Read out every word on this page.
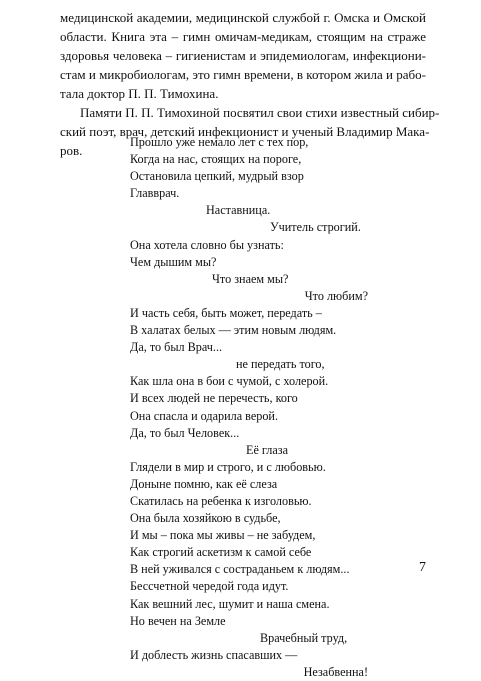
медицинской академии, медицинской службой г. Омска и Омской
области. Книга эта – гимн омичам-медикам, стоящим на страже
здоровья человека – гигиенистам и эпидемиологам, инфекциони-
стам и микробиологам, это гимн времени, в котором жила и рабо-
тала доктор П. П. Тимохина.

Памяти П. П. Тимохиной посвятил свои стихи известный сибир-
ский поэт, врач, детский инфекционист и ученый Владимир Мака-
ров.

Прошло уже немало лет с тех пор,
Когда на нас, стоящих на пороге,
Остановила цепкий, мудрый взор
Главврач.
Наставница.
Учитель строгий.
Она хотела словно бы узнать:
Чем дышим мы?
Что знаем мы?
Что любим?
И часть себя, быть может, передать –
В халатах белых — этим новым людям.
Да, то был Врач...
не передать того,
Как шла она в бои с чумой, с холерой.
И всех людей не перечесть, кого
Она спасла и одарила верой.
Да, то был Человек...
Её глаза
Глядели в мир и строго, и с любовью.
Доныне помню, как её слеза
Скатилась на ребенка к изголовью.
Она была хозяйкою в судьбе,
И мы – пока мы живы – не забудем,
Как строгий аскетизм к самой себе
В ней уживался с состраданьем к людям...
Бессчетной чередой года идут.
Как вешний лес, шумит и наша смена.
Но вечен на Земле
Врачебный труд,
И доблесть жизнь спасавших —
Незабвенна!
7
